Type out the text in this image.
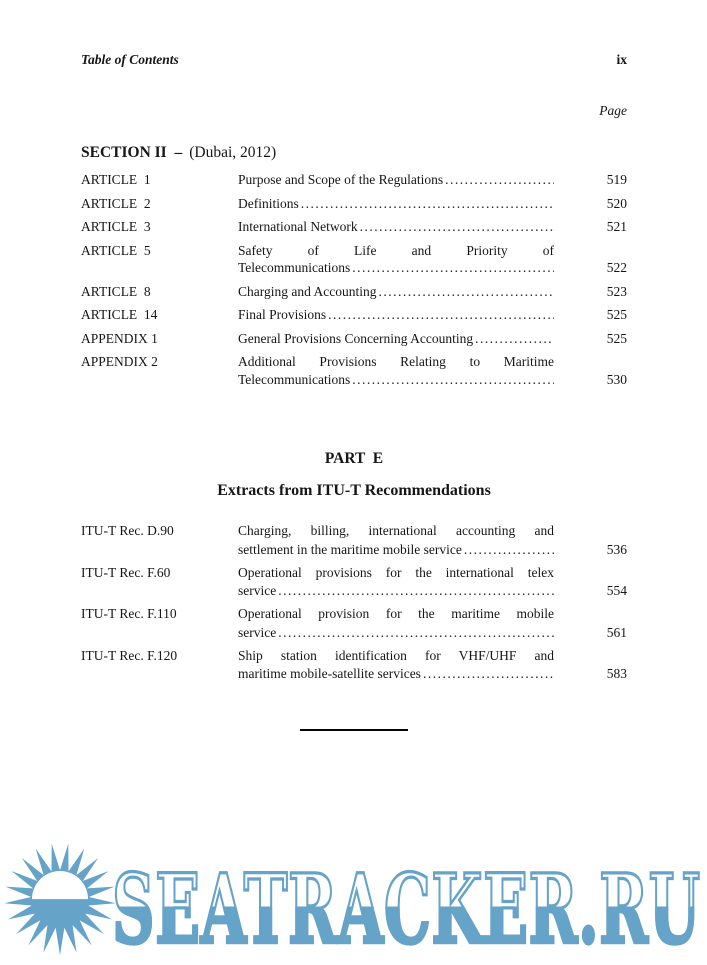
Table of Contents	ix
Page
SECTION II  – (Dubai, 2012)
ARTICLE  1	Purpose and Scope of the Regulations .....	519
ARTICLE  2	Definitions .....	520
ARTICLE  3	International Network .....	521
ARTICLE  5	Safety of Life and Priority of
Telecommunications .....	522
ARTICLE  8	Charging and Accounting .....	523
ARTICLE  14	Final Provisions .....	525
APPENDIX 1	General Provisions Concerning Accounting .....	525
APPENDIX 2	Additional Provisions Relating to Maritime
Telecommunications .....	530
PART  E
Extracts from ITU-T Recommendations
ITU-T Rec. D.90	Charging, billing, international accounting and
settlement in the maritime mobile service .....	536
ITU-T Rec. F.60	Operational provisions for the international telex
service .....	554
ITU-T Rec. F.110	Operational provision for the maritime mobile
service .....	561
ITU-T Rec. F.120	Ship station identification for VHF/UHF and
maritime mobile-satellite services .....	583
SEATRACKER.RU
